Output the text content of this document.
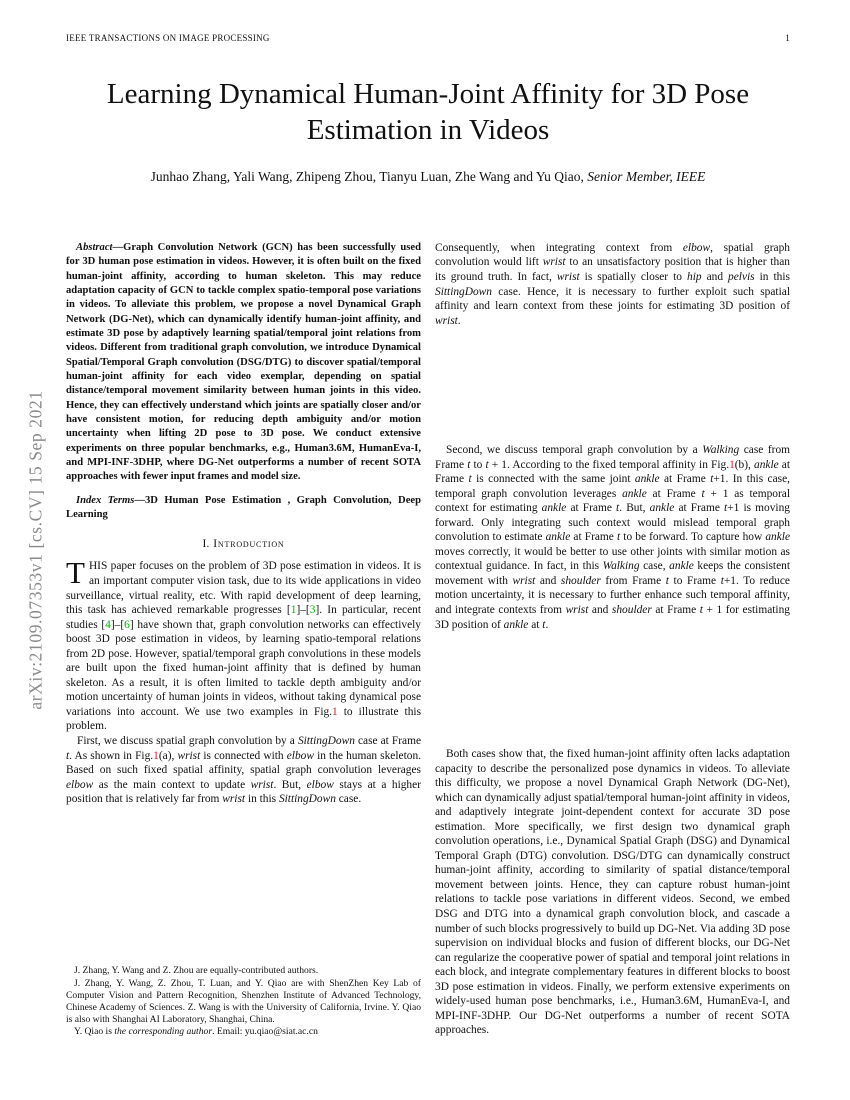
IEEE TRANSACTIONS ON IMAGE PROCESSING	1
arXiv:2109.07353v1 [cs.CV] 15 Sep 2021
Learning Dynamical Human-Joint Affinity for 3D Pose Estimation in Videos
Junhao Zhang, Yali Wang, Zhipeng Zhou, Tianyu Luan, Zhe Wang and Yu Qiao, Senior Member, IEEE

Abstract—Graph Convolution Network (GCN) has been successfully used for 3D human pose estimation in videos. However, it is often built on the fixed human-joint affinity, according to human skeleton. This may reduce adaptation capacity of GCN to tackle complex spatio-temporal pose variations in videos. To alleviate this problem, we propose a novel Dynamical Graph Network (DG-Net), which can dynamically identify human-joint affinity, and estimate 3D pose by adaptively learning spatial/temporal joint relations from videos. Different from traditional graph convolution, we introduce Dynamical Spatial/Temporal Graph convolution (DSG/DTG) to discover spatial/temporal human-joint affinity for each video exemplar, depending on spatial distance/temporal movement similarity between human joints in this video. Hence, they can effectively understand which joints are spatially closer and/or have consistent motion, for reducing depth ambiguity and/or motion uncertainty when lifting 2D pose to 3D pose. We conduct extensive experiments on three popular benchmarks, e.g., Human3.6M, HumanEva-I, and MPI-INF-3DHP, where DG-Net outperforms a number of recent SOTA approaches with fewer input frames and model size.

Index Terms—3D Human Pose Estimation , Graph Convolution, Deep Learning

I. Introduction

THIS paper focuses on the problem of 3D pose estimation in videos. It is an important computer vision task, due to its wide applications in video surveillance, virtual reality, etc. With rapid development of deep learning, this task has achieved remarkable progresses [1]–[3]. In particular, recent studies [4]–[6] have shown that, graph convolution networks can effectively boost 3D pose estimation in videos, by learning spatio-temporal relations from 2D pose. However, spatial/temporal graph convolutions in these models are built upon the fixed human-joint affinity that is defined by human skeleton. As a result, it is often limited to tackle depth ambiguity and/or motion uncertainty of human joints in videos, without taking dynamical pose variations into account. We use two examples in Fig.1 to illustrate this problem.

First, we discuss spatial graph convolution by a SittingDown case at Frame t. As shown in Fig.1(a), wrist is connected with elbow in the human skeleton. Based on such fixed spatial affinity, spatial graph convolution leverages elbow as the main context to update wrist. But, elbow stays at a higher position that is relatively far from wrist in this SittingDown case.

J. Zhang, Y. Wang and Z. Zhou are equally-contributed authors.

J. Zhang, Y. Wang, Z. Zhou, T. Luan, and Y. Qiao are with ShenZhen Key Lab of Computer Vision and Pattern Recognition, Shenzhen Institute of Advanced Technology, Chinese Academy of Sciences. Z. Wang is with the University of California, Irvine. Y. Qiao is also with Shanghai AI Laboratory, Shanghai, China.

Y. Qiao is the corresponding author. Email: yu.qiao@siat.ac.cn

Consequently, when integrating context from elbow, spatial graph convolution would lift wrist to an unsatisfactory position that is higher than its ground truth. In fact, wrist is spatially closer to hip and pelvis in this SittingDown case. Hence, it is necessary to further exploit such spatial affinity and learn context from these joints for estimating 3D position of wrist.

Second, we discuss temporal graph convolution by a Walking case from Frame t to t + 1. According to the fixed temporal affinity in Fig.1(b), ankle at Frame t is connected with the same joint ankle at Frame t+1. In this case, temporal graph convolution leverages ankle at Frame t + 1 as temporal context for estimating ankle at Frame t. But, ankle at Frame t+1 is moving forward. Only integrating such context would mislead temporal graph convolution to estimate ankle at Frame t to be forward. To capture how ankle moves correctly, it would be better to use other joints with similar motion as contextual guidance. In fact, in this Walking case, ankle keeps the consistent movement with wrist and shoulder from Frame t to Frame t+1. To reduce motion uncertainty, it is necessary to further enhance such temporal affinity, and integrate contexts from wrist and shoulder at Frame t + 1 for estimating 3D position of ankle at t.

Both cases show that, the fixed human-joint affinity often lacks adaptation capacity to describe the personalized pose dynamics in videos. To alleviate this difficulty, we propose a novel Dynamical Graph Network (DG-Net), which can dynamically adjust spatial/temporal human-joint affinity in videos, and adaptively integrate joint-dependent context for accurate 3D pose estimation. More specifically, we first design two dynamical graph convolution operations, i.e., Dynamical Spatial Graph (DSG) and Dynamical Temporal Graph (DTG) convolution. DSG/DTG can dynamically construct human-joint affinity, according to similarity of spatial distance/temporal movement between joints. Hence, they can capture robust human-joint relations to tackle pose variations in different videos. Second, we embed DSG and DTG into a dynamical graph convolution block, and cascade a number of such blocks progressively to build up DG-Net. Via adding 3D pose supervision on individual blocks and fusion of different blocks, our DG-Net can regularize the cooperative power of spatial and temporal joint relations in each block, and integrate complementary features in different blocks to boost 3D pose estimation in videos. Finally, we perform extensive experiments on widely-used human pose benchmarks, i.e., Human3.6M, HumanEva-I, and MPI-INF-3DHP. Our DG-Net outperforms a number of recent SOTA approaches.
